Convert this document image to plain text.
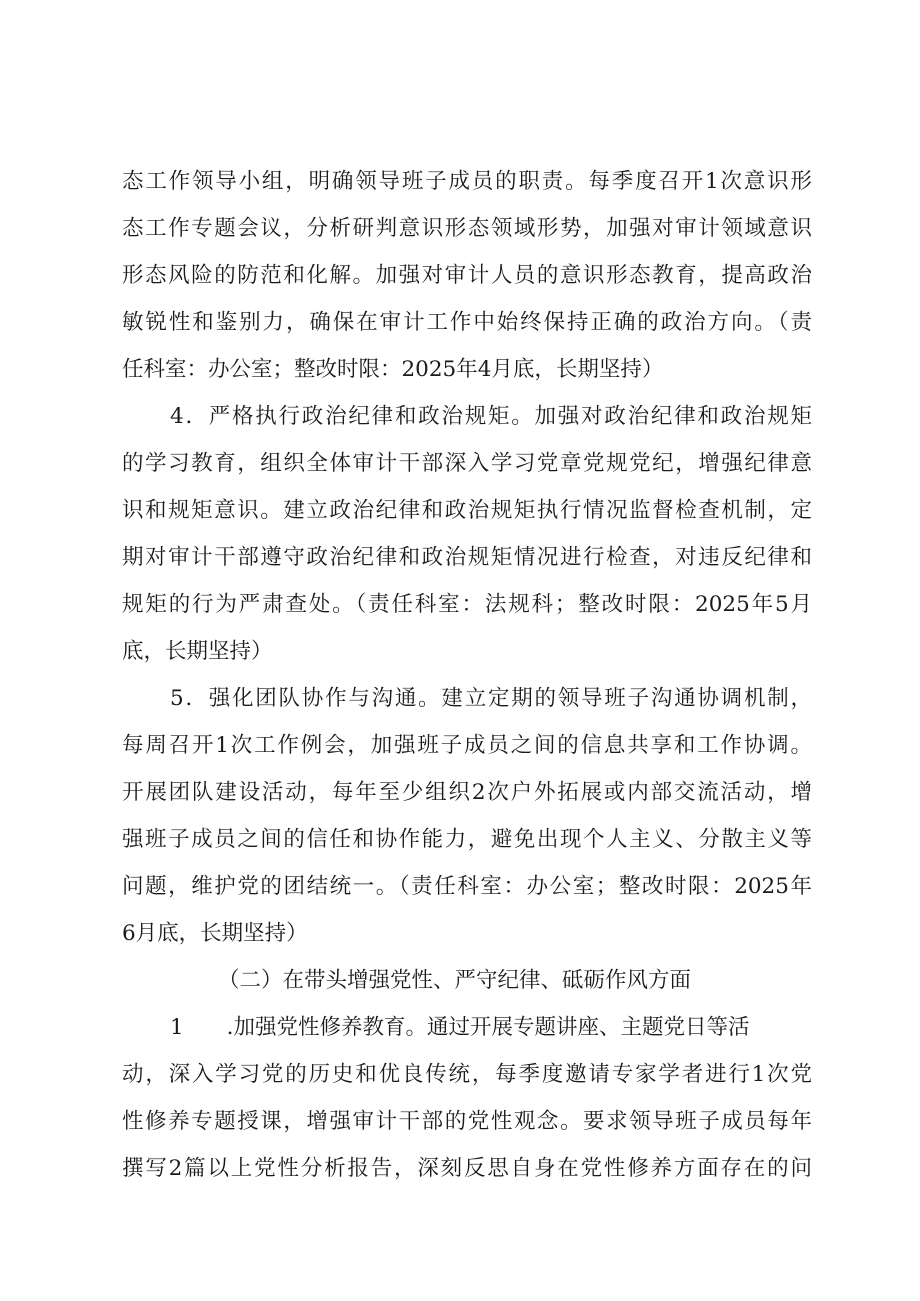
态工作领导小组，明确领导班子成员的职责。每季度召开1次意识形
态工作专题会议，分析研判意识形态领域形势，加强对审计领域意识
形态风险的防范和化解。加强对审计人员的意识形态教育，提高政治
敏锐性和鉴别力，确保在审计工作中始终保持正确的政治方向。（责
任科室：办公室；整改时限：2025年4月底，长期坚持）
4．严格执行政治纪律和政治规矩。加强对政治纪律和政治规矩
的学习教育，组织全体审计干部深入学习党章党规党纪，增强纪律意
识和规矩意识。建立政治纪律和政治规矩执行情况监督检查机制，定
期对审计干部遵守政治纪律和政治规矩情况进行检查，对违反纪律和
规矩的行为严肃查处。（责任科室：法规科；整改时限：2025年5月
底，长期坚持）
5．强化团队协作与沟通。建立定期的领导班子沟通协调机制，
每周召开1次工作例会，加强班子成员之间的信息共享和工作协调。
开展团队建设活动，每年至少组织2次户外拓展或内部交流活动，增
强班子成员之间的信任和协作能力，避免出现个人主义、分散主义等
问题，维护党的团结统一。（责任科室：办公室；整改时限：2025年
6月底，长期坚持）
（二）在带头增强党性、严守纪律、砥砺作风方面
1　　.加强党性修养教育。通过开展专题讲座、主题党日等活
动，深入学习党的历史和优良传统，每季度邀请专家学者进行1次党
性修养专题授课，增强审计干部的党性观念。要求领导班子成员每年
撰写2篇以上党性分析报告，深刻反思自身在党性修养方面存在的问
